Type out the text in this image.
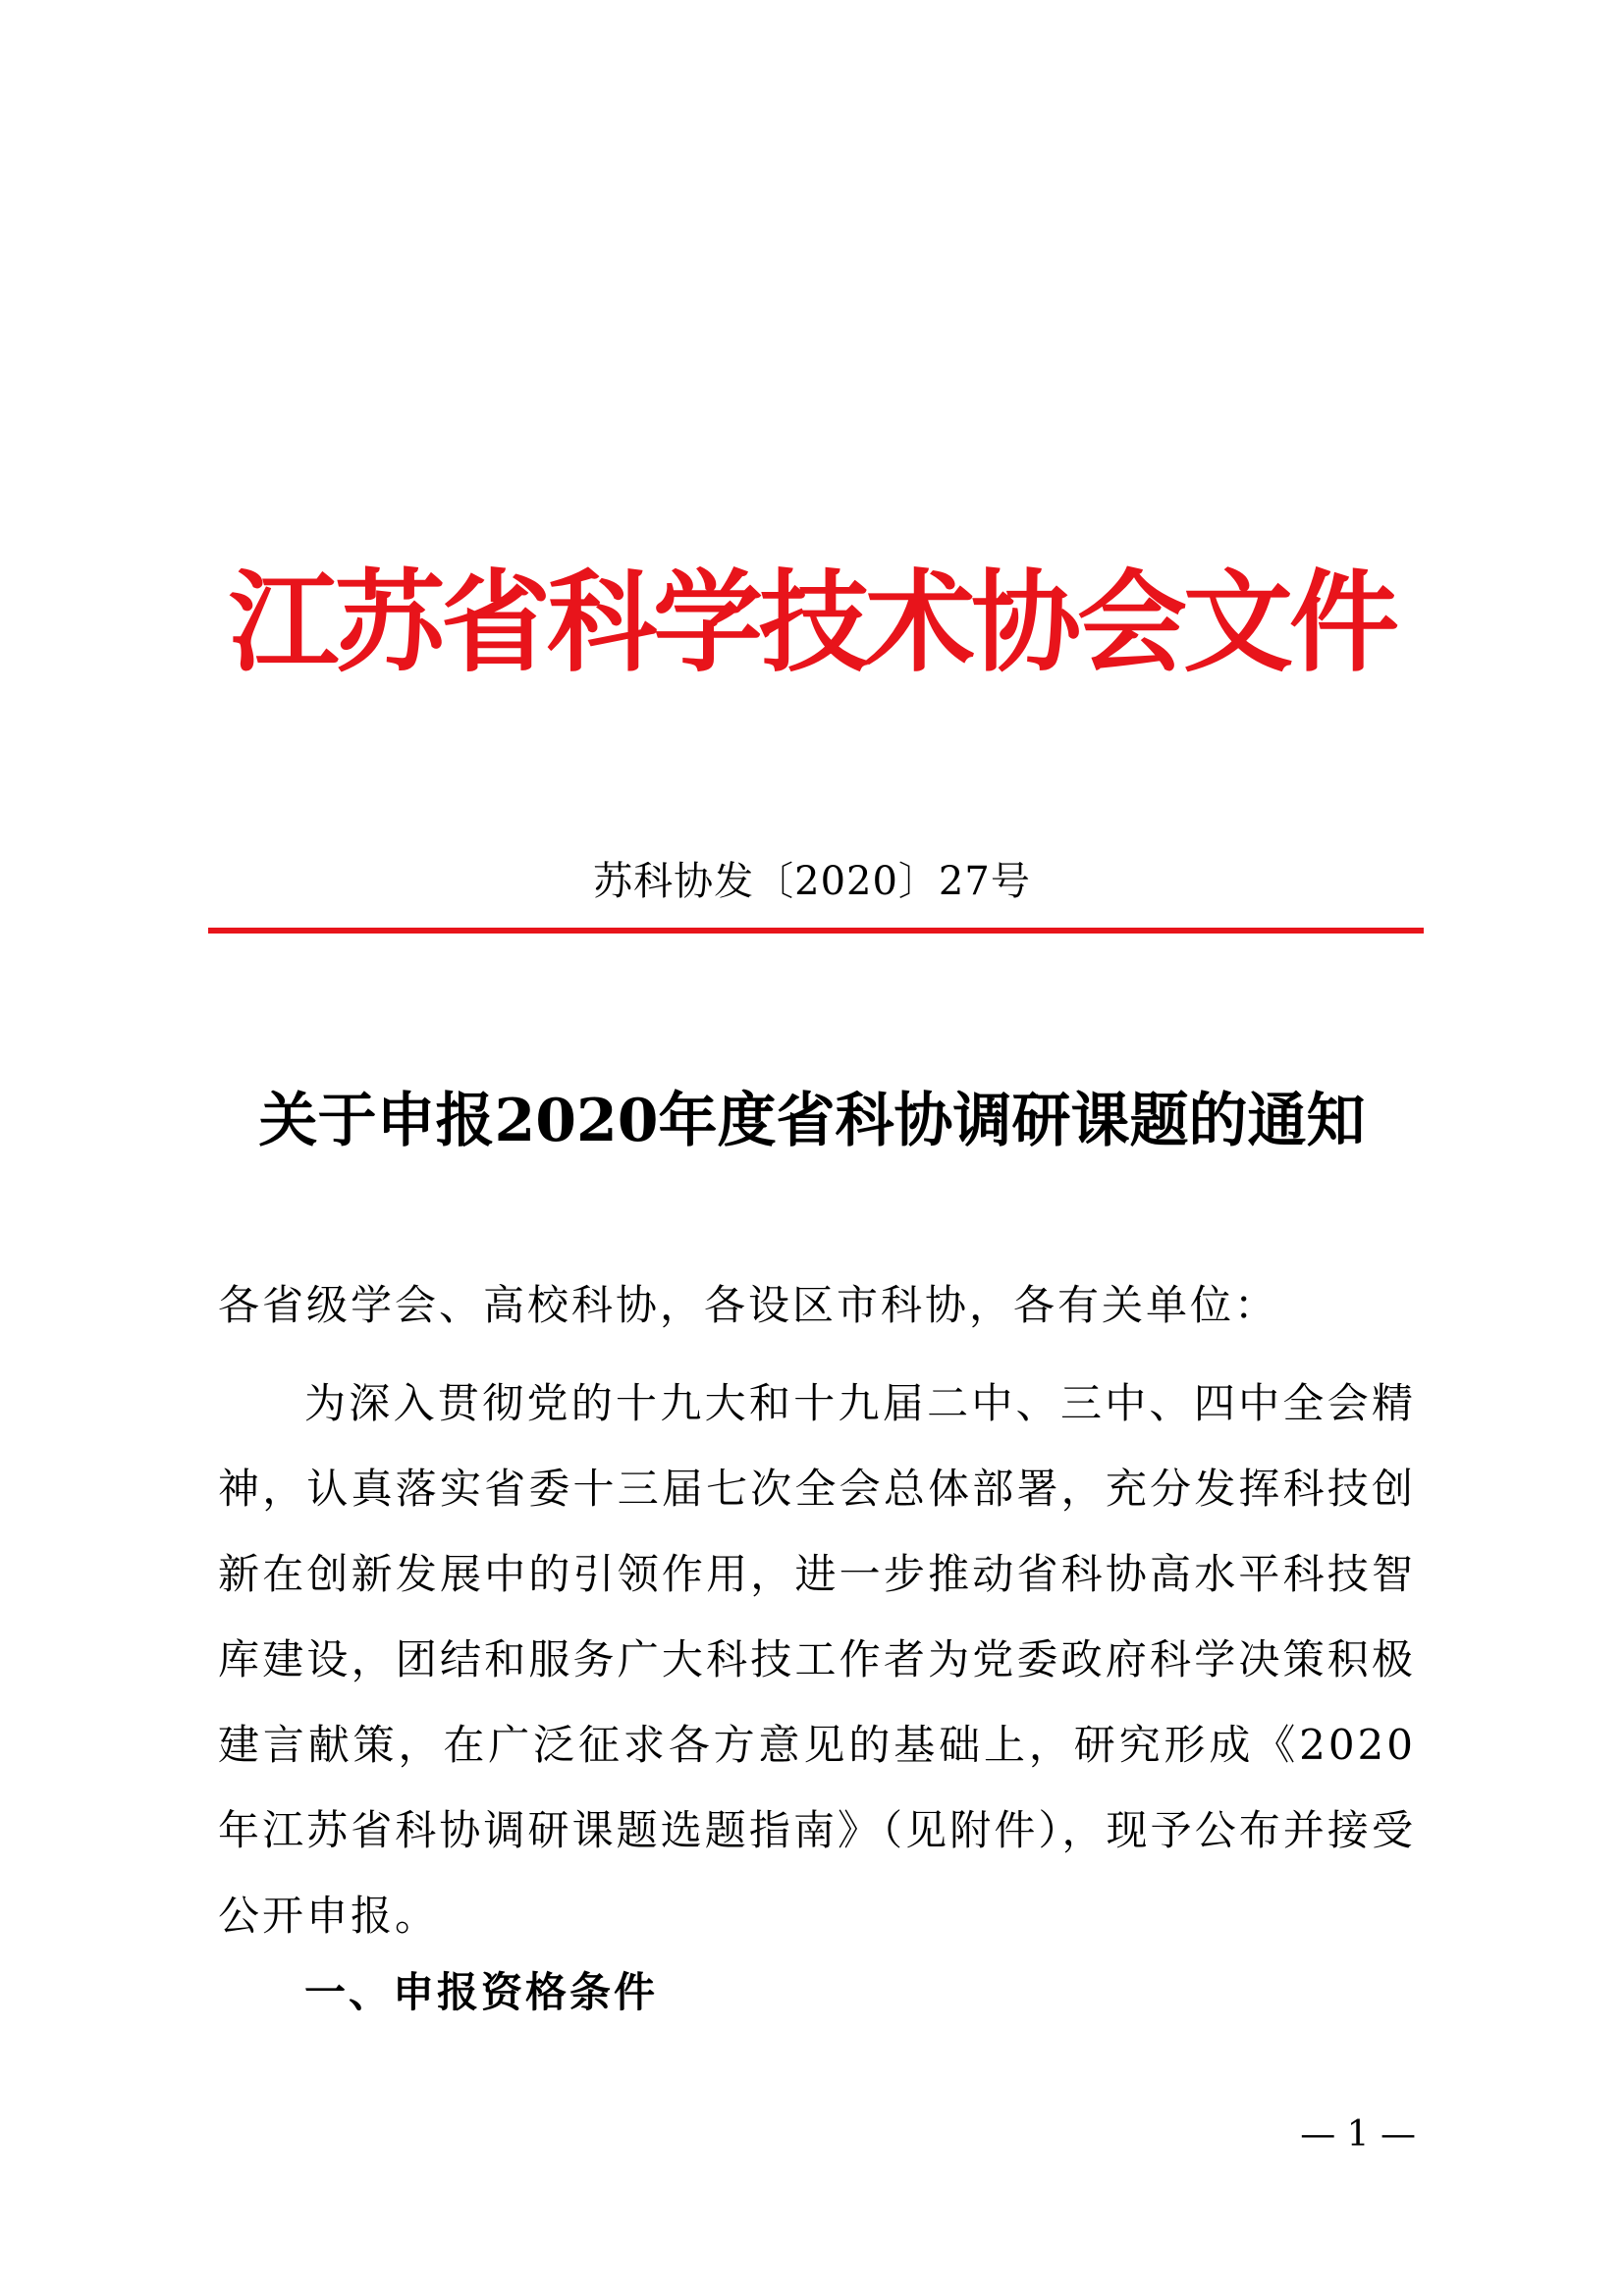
江苏省科学技术协会文件
苏科协发〔2020〕27号
关于申报2020年度省科协调研课题的通知
各省级学会、高校科协，各设区市科协，各有关单位：

为深入贯彻党的十九大和十九届二中、三中、四中全会精神，认真落实省委十三届七次全会总体部署，充分发挥科技创新在创新发展中的引领作用，进一步推动省科协高水平科技智库建设，团结和服务广大科技工作者为党委政府科学决策积极建言献策，在广泛征求各方意见的基础上，研究形成《2020年江苏省科协调研课题选题指南》（见附件），现予公布并接受公开申报。

一、申报资格条件
— 1 —
